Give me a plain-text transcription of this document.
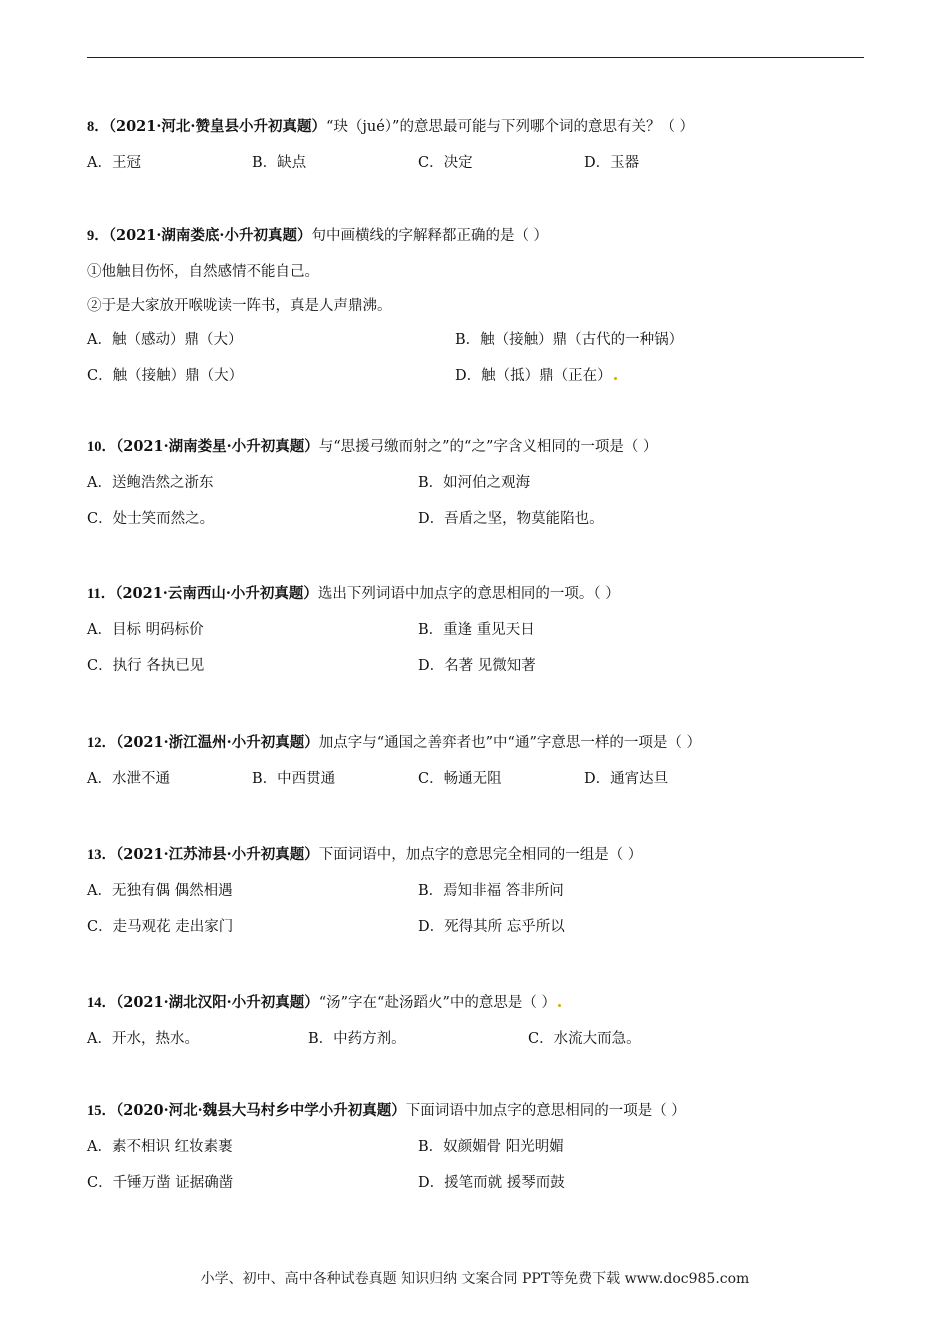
8．（2021·河北·赞皇县小升初真题）“玦（jué）”的意思最可能与下列哪个词的意思有关？（ ）
A．王冠	B．缺点	C．决定	D．玉器
9．（2021·湖南娄底·小升初真题）句中画横线的字解释都正确的是（ ）
①他触目伤怀，自然感情不能自己。
②于是大家放开喉咙读一阵书，真是人声鼎沸。
A．触（感动）鼎（大）	B．触（接触）鼎（古代的一种锅）
C．触（接触）鼎（大）	D．触（抵）鼎（正在）
10．（2021·湖南娄星·小升初真题）与“思援弓缴而射之”的“之”字含义相同的一项是（ ）
A．送鲍浩然之浙东	B．如河伯之观海
C．处士笑而然之。	D．吾盾之坚，物莫能陷也。
11．（2021·云南西山·小升初真题）选出下列词语中加点字的意思相同的一项。（ ）
A．目标 明码标价	B．重逢 重见天日
C．执行 各执已见	D．名著 见微知著
12．（2021·浙江温州·小升初真题）加点字与“通国之善弈者也”中“通”字意思一样的一项是（ ）
A．水泄不通	B．中西贯通	C．畅通无阻	D．通宵达旦
13．（2021·江苏沛县·小升初真题）下面词语中，加点字的意思完全相同的一组是（ ）
A．无独有偶 偶然相遇	B．焉知非福 答非所问
C．走马观花 走出家门	D．死得其所 忘乎所以
14．（2021·湖北汉阳·小升初真题）“汤”字在“赴汤蹈火”中的意思是（ ）
A．开水，热水。	B．中药方剂。	C．水流大而急。
15．（2020·河北·魏县大马村乡中学小升初真题）下面词语中加点字的意思相同的一项是（ ）
A．素不相识 红妆素裹	B．奴颜媚骨 阳光明媚
C．千锤万凿 证据确凿	D．援笔而就 援琴而鼓
小学、初中、高中各种试卷真题 知识归纳 文案合同 PPT等免费下载 www.doc985.com
